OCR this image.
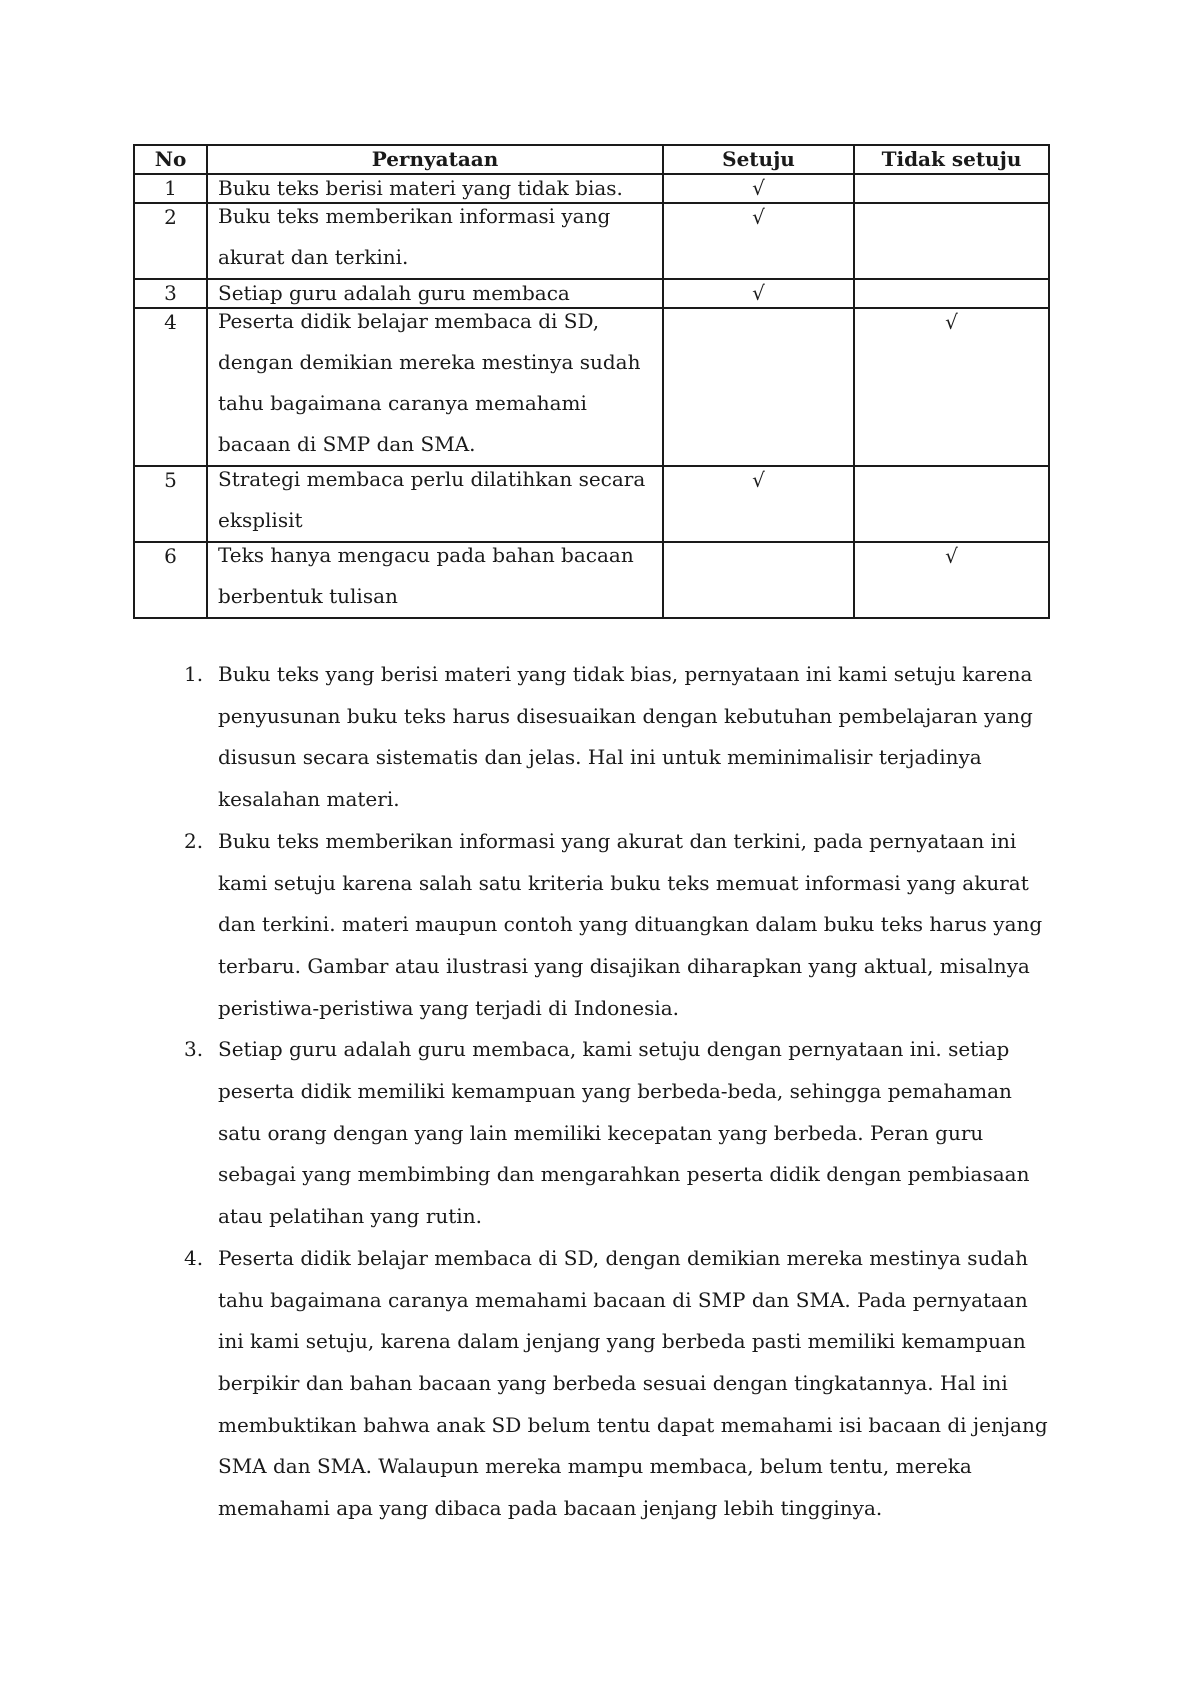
No	Pernyataan	Setuju	Tidak setuju
1	Buku teks berisi materi yang tidak bias.	√	
2	Buku teks memberikan informasi yang akurat dan terkini.	√	
3	Setiap guru adalah guru membaca	√	
4	Peserta didik belajar membaca di SD, dengan demikian mereka mestinya sudah tahu bagaimana caranya memahami bacaan di SMP dan SMA.		√
5	Strategi membaca perlu dilatihkan secara eksplisit	√	
6	Teks hanya mengacu pada bahan bacaan berbentuk tulisan		√
1. Buku teks yang berisi materi yang tidak bias, pernyataan ini kami setuju karena penyusunan buku teks harus disesuaikan dengan kebutuhan pembelajaran yang disusun secara sistematis dan jelas. Hal ini untuk meminimalisir terjadinya kesalahan materi.
2. Buku teks memberikan informasi yang akurat dan terkini, pada pernyataan ini kami setuju karena salah satu kriteria buku teks memuat informasi yang akurat dan terkini. materi maupun contoh yang dituangkan dalam buku teks harus yang terbaru. Gambar atau ilustrasi yang disajikan diharapkan yang aktual, misalnya peristiwa-peristiwa yang terjadi di Indonesia.
3. Setiap guru adalah guru membaca, kami setuju dengan pernyataan ini. setiap peserta didik memiliki kemampuan yang berbeda-beda, sehingga pemahaman satu orang dengan yang lain memiliki kecepatan yang berbeda. Peran guru sebagai yang membimbing dan mengarahkan peserta didik dengan pembiasaan atau pelatihan yang rutin.
4. Peserta didik belajar membaca di SD, dengan demikian mereka mestinya sudah tahu bagaimana caranya memahami bacaan di SMP dan SMA. Pada pernyataan ini kami setuju, karena dalam jenjang yang berbeda pasti memiliki kemampuan berpikir dan bahan bacaan yang berbeda sesuai dengan tingkatannya. Hal ini membuktikan bahwa anak SD belum tentu dapat memahami isi bacaan di jenjang SMA dan SMA. Walaupun mereka mampu membaca, belum tentu, mereka memahami apa yang dibaca pada bacaan jenjang lebih tingginya.
